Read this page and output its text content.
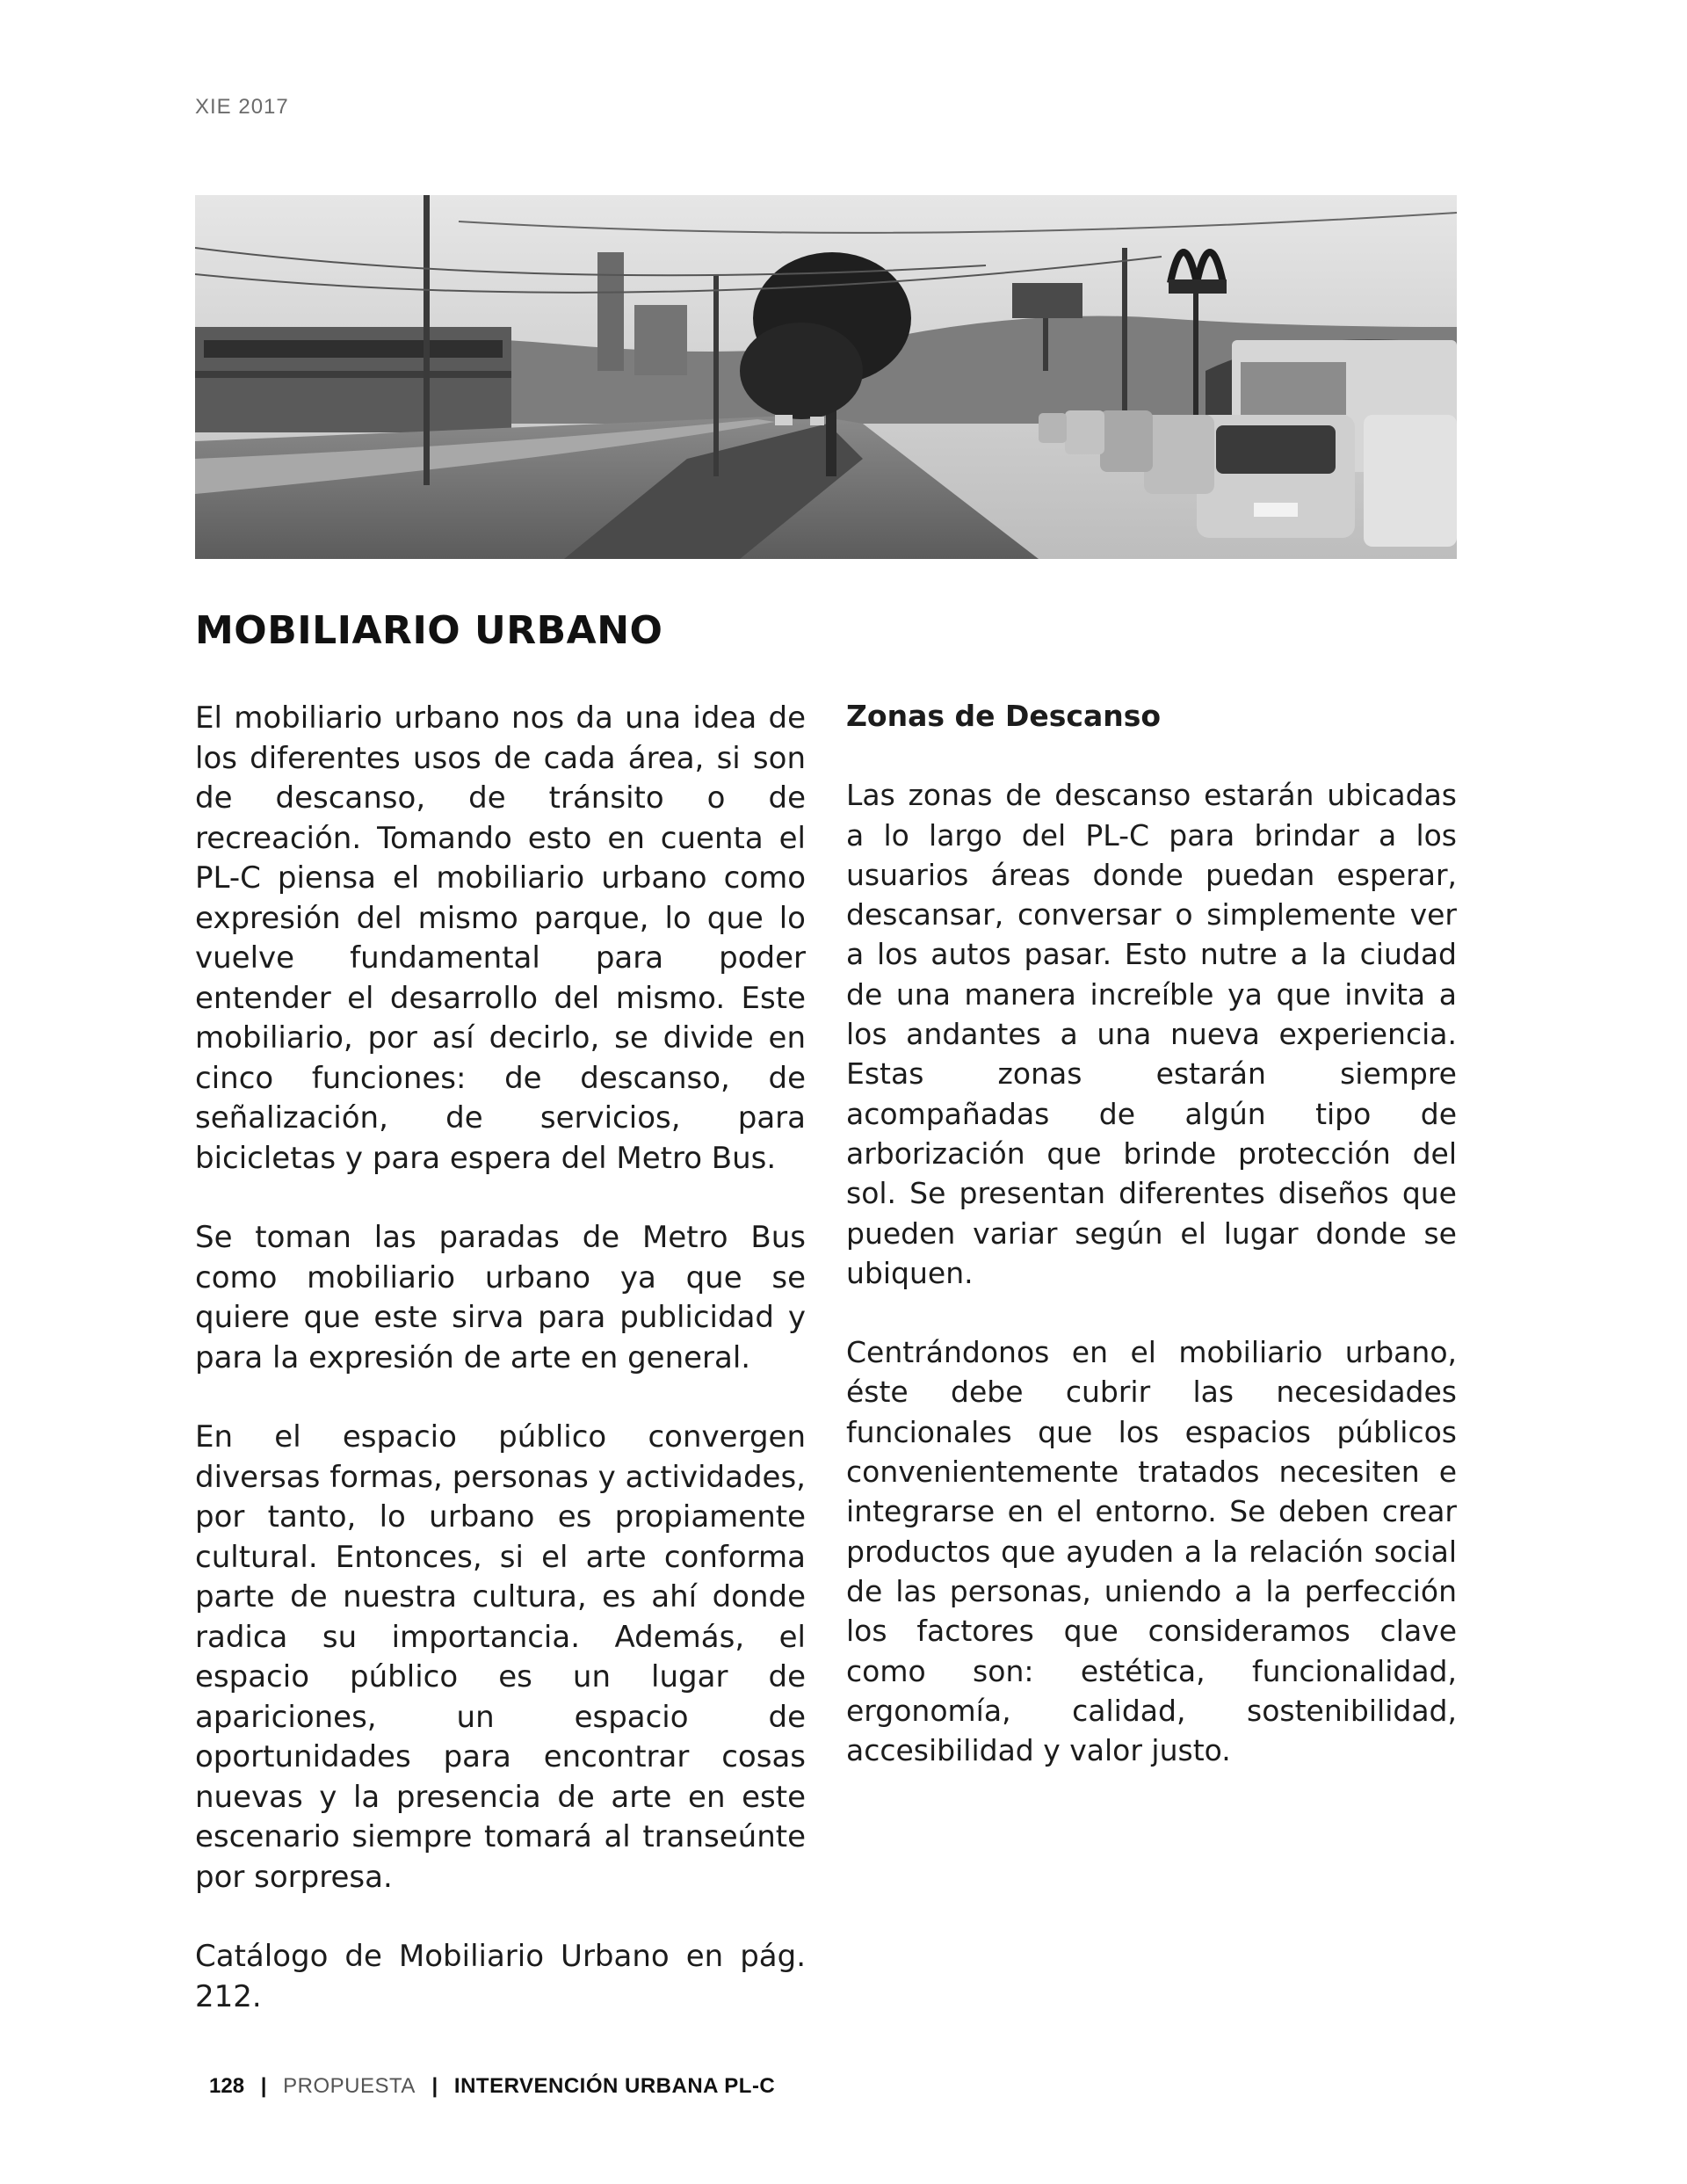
XIE 2017
MOBILIARIO URBANO

El mobiliario urbano nos da una idea de los diferentes usos de cada área, si son de descanso, de tránsito o de recreación. Tomando esto en cuenta el PL-C piensa el mobiliario urbano como expresión del mismo parque, lo que lo vuelve fundamental para poder entender el desarrollo del mismo. Este mobiliario, por así decirlo, se divide en cinco funciones: de descanso, de señalización, de servicios, para bicicletas y para espera del Metro Bus.

Se toman las paradas de Metro Bus como mobiliario urbano ya que se quiere que este sirva para publicidad y para la expresión de arte en general.

En el espacio público convergen diversas formas, personas y actividades, por tanto, lo urbano es propiamente cultural. Entonces, si el arte conforma parte de nuestra cultura, es ahí donde radica su importancia. Además, el espacio público es un lugar de apariciones, un espacio de oportunidades para encontrar cosas nuevas y la presencia de arte en este escenario siempre tomará al transeúnte por sorpresa.

Catálogo de Mobiliario Urbano en pág. 212.

Zonas de Descanso

Las zonas de descanso estarán ubicadas a lo largo del PL-C para brindar a los usuarios áreas donde puedan esperar, descansar, conversar o simplemente ver a los autos pasar. Esto nutre a la ciudad de una manera increíble ya que invita a los andantes a una nueva experiencia. Estas zonas estarán siempre acompañadas de algún tipo de arborización que brinde protección del sol. Se presentan diferentes diseños que pueden variar según el lugar donde se ubiquen.

Centrándonos en el mobiliario urbano, éste debe cubrir las necesidades funcionales que los espacios públicos convenientemente tratados necesiten e integrarse en el entorno. Se deben crear productos que ayuden a la relación social de las personas, uniendo a la perfección los factores que consideramos clave como son: estética, funcionalidad, ergonomía, calidad, sostenibilidad, accesibilidad y valor justo.

128 | PROPUESTA | INTERVENCIÓN URBANA PL-C
